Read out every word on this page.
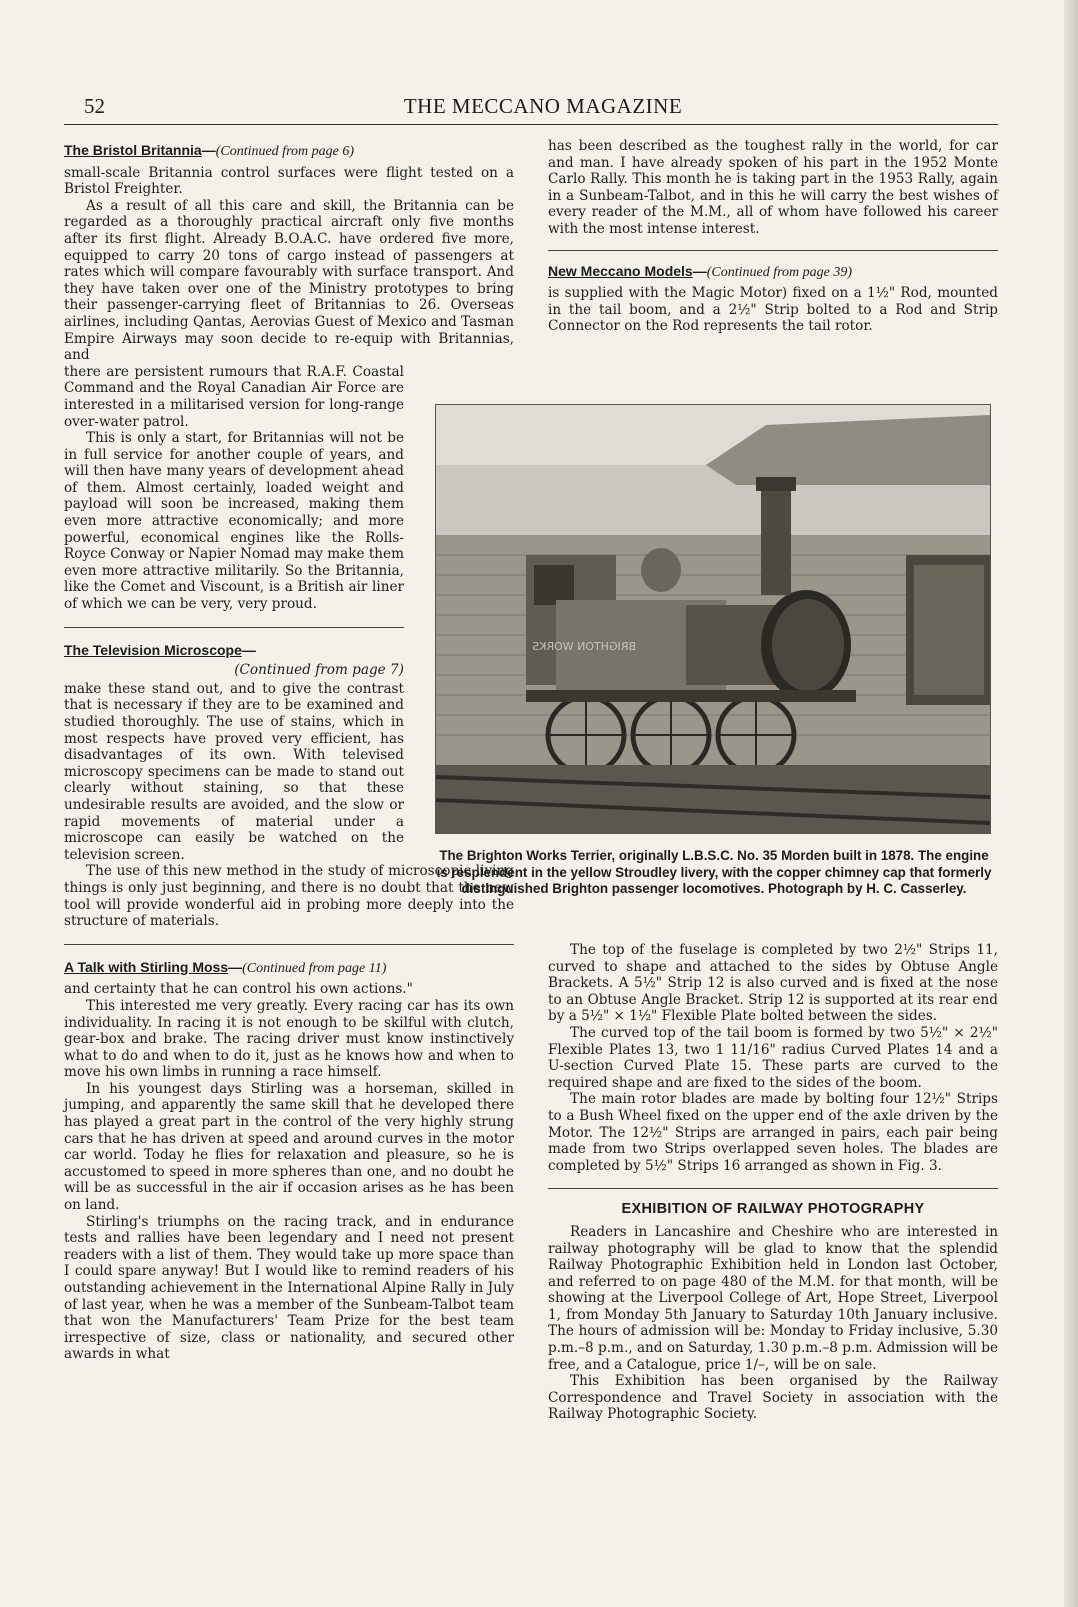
52	THE MECCANO MAGAZINE
The Bristol Britannia—(Continued from page 6)

small-scale Britannia control surfaces were flight tested on a Bristol Freighter.

As a result of all this care and skill, the Britannia can be regarded as a thoroughly practical aircraft only five months after its first flight. Already B.O.A.C. have ordered five more, equipped to carry 20 tons of cargo instead of passengers at rates which will compare favourably with surface transport. And they have taken over one of the Ministry prototypes to bring their passenger-carrying fleet of Britannias to 26. Overseas airlines, including Qantas, Aerovias Guest of Mexico and Tasman Empire Airways may soon decide to re-equip with Britannias, and

there are persistent rumours that R.A.F. Coastal Command and the Royal Canadian Air Force are interested in a militarised version for long-range over-water patrol.

This is only a start, for Britannias will not be in full service for another couple of years, and will then have many years of development ahead of them. Almost certainly, loaded weight and payload will soon be increased, making them even more attractive economically; and more powerful, economical engines like the Rolls-Royce Conway or Napier Nomad may make them even more attractive militarily. So the Britannia, like the Comet and Viscount, is a British air liner of which we can be very, very proud.

The Television Microscope—
(Continued from page 7)

make these stand out, and to give the contrast that is necessary if they are to be examined and studied thoroughly. The use of stains, which in most respects have proved very efficient, has disadvantages of its own. With televised microscopy specimens can be made to stand out clearly without staining, so that these undesirable results are avoided, and the slow or rapid movements of material under a microscope can easily be watched on the television screen.

The use of this new method in the study of microscopic living things is only just beginning, and there is no doubt that the new tool will provide wonderful aid in probing more deeply into the structure of materials.

A Talk with Stirling Moss—(Continued from page 11)

and certainty that he can control his own actions."

This interested me very greatly. Every racing car has its own individuality. In racing it is not enough to be skilful with clutch, gear-box and brake. The racing driver must know instinctively what to do and when to do it, just as he knows how and when to move his own limbs in running a race himself.

In his youngest days Stirling was a horseman, skilled in jumping, and apparently the same skill that he developed there has played a great part in the control of the very highly strung cars that he has driven at speed and around curves in the motor car world. Today he flies for relaxation and pleasure, so he is accustomed to speed in more spheres than one, and no doubt he will be as successful in the air if occasion arises as he has been on land.

Stirling's triumphs on the racing track, and in endurance tests and rallies have been legendary and I need not present readers with a list of them. They would take up more space than I could spare anyway! But I would like to remind readers of his outstanding achievement in the International Alpine Rally in July of last year, when he was a member of the Sunbeam-Talbot team that won the Manufacturers' Team Prize for the best team irrespective of size, class or nationality, and secured other awards in what

has been described as the toughest rally in the world, for car and man. I have already spoken of his part in the 1952 Monte Carlo Rally. This month he is taking part in the 1953 Rally, again in a Sunbeam-Talbot, and in this he will carry the best wishes of every reader of the M.M., all of whom have followed his career with the most intense interest.

New Meccano Models—(Continued from page 39)

is supplied with the Magic Motor) fixed on a 1½" Rod, mounted in the tail boom, and a 2½" Strip bolted to a Rod and Strip Connector on the Rod represents the tail rotor.

BRIGHTON WORKS
The Brighton Works Terrier, originally L.B.S.C. No. 35 Morden built in 1878. The engine is resplendent in the yellow Stroudley livery, with the copper chimney cap that formerly distinguished Brighton passenger locomotives. Photograph by H. C. Casserley.

The top of the fuselage is completed by two 2½" Strips 11, curved to shape and attached to the sides by Obtuse Angle Brackets. A 5½" Strip 12 is also curved and is fixed at the nose to an Obtuse Angle Bracket. Strip 12 is supported at its rear end by a 5½" × 1½" Flexible Plate bolted between the sides.

The curved top of the tail boom is formed by two 5½" × 2½" Flexible Plates 13, two 1 11/16" radius Curved Plates 14 and a U-section Curved Plate 15. These parts are curved to the required shape and are fixed to the sides of the boom.

The main rotor blades are made by bolting four 12½" Strips to a Bush Wheel fixed on the upper end of the axle driven by the Motor. The 12½" Strips are arranged in pairs, each pair being made from two Strips overlapped seven holes. The blades are completed by 5½" Strips 16 arranged as shown in Fig. 3.

EXHIBITION OF RAILWAY PHOTOGRAPHY

Readers in Lancashire and Cheshire who are interested in railway photography will be glad to know that the splendid Railway Photographic Exhibition held in London last October, and referred to on page 480 of the M.M. for that month, will be showing at the Liverpool College of Art, Hope Street, Liverpool 1, from Monday 5th January to Saturday 10th January inclusive. The hours of admission will be: Monday to Friday inclusive, 5.30 p.m.–8 p.m., and on Saturday, 1.30 p.m.–8 p.m. Admission will be free, and a Catalogue, price 1/–, will be on sale.

This Exhibition has been organised by the Railway Correspondence and Travel Society in association with the Railway Photographic Society.
